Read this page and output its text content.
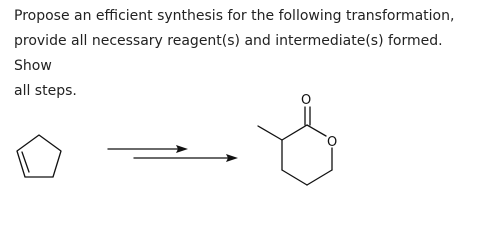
Propose an efficient synthesis for the following transformation,
provide all necessary reagent(s) and intermediate(s) formed. Show
all steps.
O
O
